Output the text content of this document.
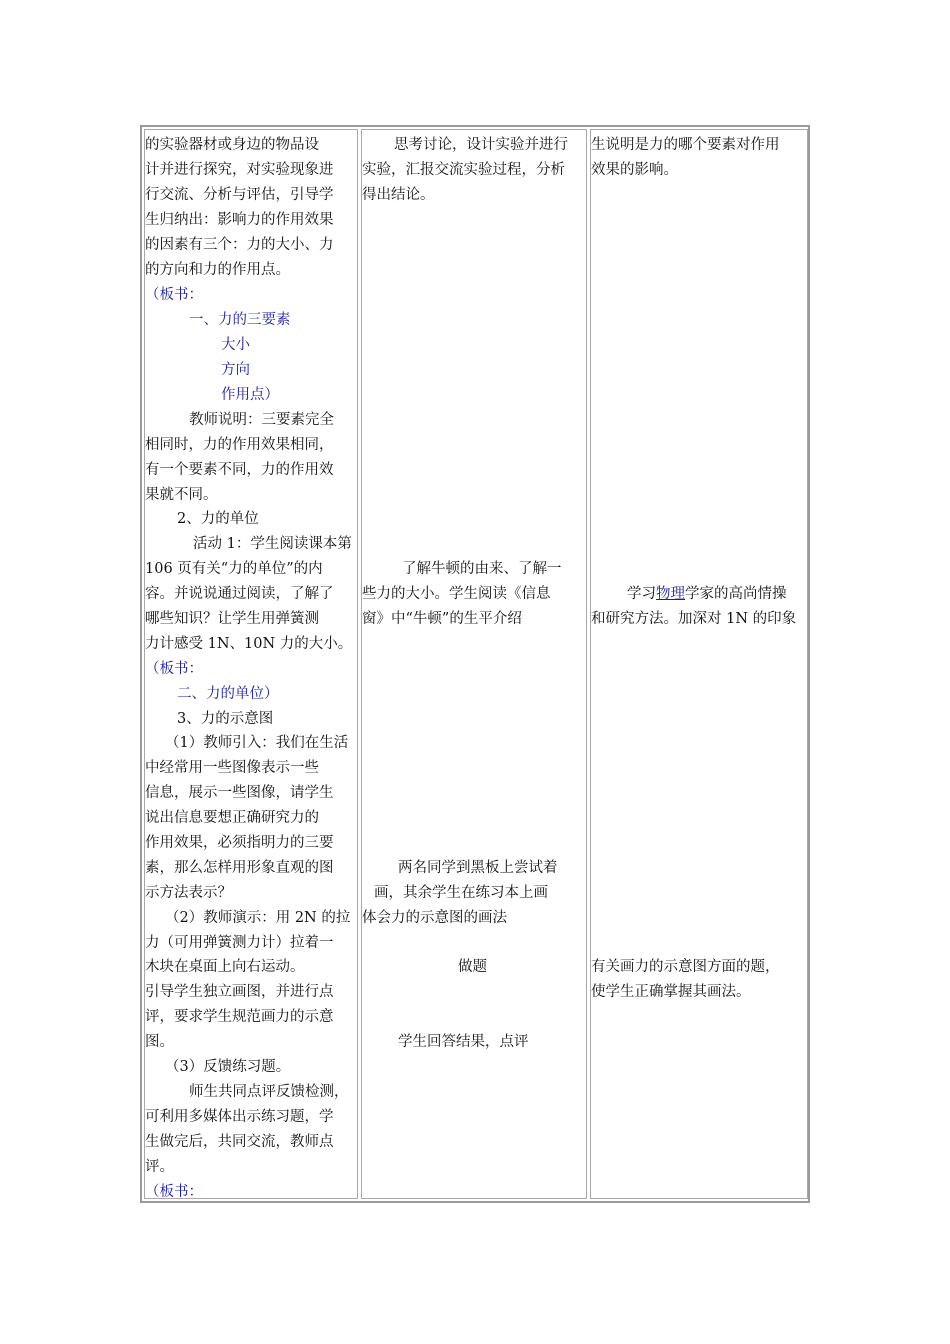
的实验器材或身边的物品设
计并进行探究，对实验现象进
行交流、分析与评估，引导学
生归纳出：影响力的作用效果
的因素有三个：力的大小、力
的方向和力的作用点。
（板书：
一、力的三要素
大小
方向
作用点）
教师说明：三要素完全
相同时，力的作用效果相同，
有一个要素不同，力的作用效
果就不同。
2、力的单位
活动 1：学生阅读课本第
106 页有关“力的单位”的内
容。并说说通过阅读，了解了
哪些知识？让学生用弹簧测
力计感受 1N、10N 力的大小。
（板书：
二、力的单位）
3、力的示意图
（1）教师引入：我们在生活
中经常用一些图像表示一些
信息，展示一些图像，请学生
说出信息要想正确研究力的
作用效果，必须指明力的三要
素，那么怎样用形象直观的图
示方法表示？
（2）教师演示：用 2N 的拉
力（可用弹簧测力计）拉着一
木块在桌面上向右运动。
引导学生独立画图，并进行点
评，要求学生规范画力的示意
图。
（3）反馈练习题。
师生共同点评反馈检测，
可利用多媒体出示练习题，学
生做完后，共同交流，教师点
评。
（板书：
思考讨论，设计实验并进行
实验，汇报交流实验过程，分析
得出结论。
了解牛顿的由来、了解一
些力的大小。学生阅读《信息
窗》中“牛顿”的生平介绍
两名同学到黑板上尝试着
画，其余学生在练习本上画
体会力的示意图的画法
做题
学生回答结果，点评
生说明是力的哪个要素对作用
效果的影响。
学习物理学家的高尚情操
和研究方法。加深对 1N 的印象
有关画力的示意图方面的题，
使学生正确掌握其画法。
